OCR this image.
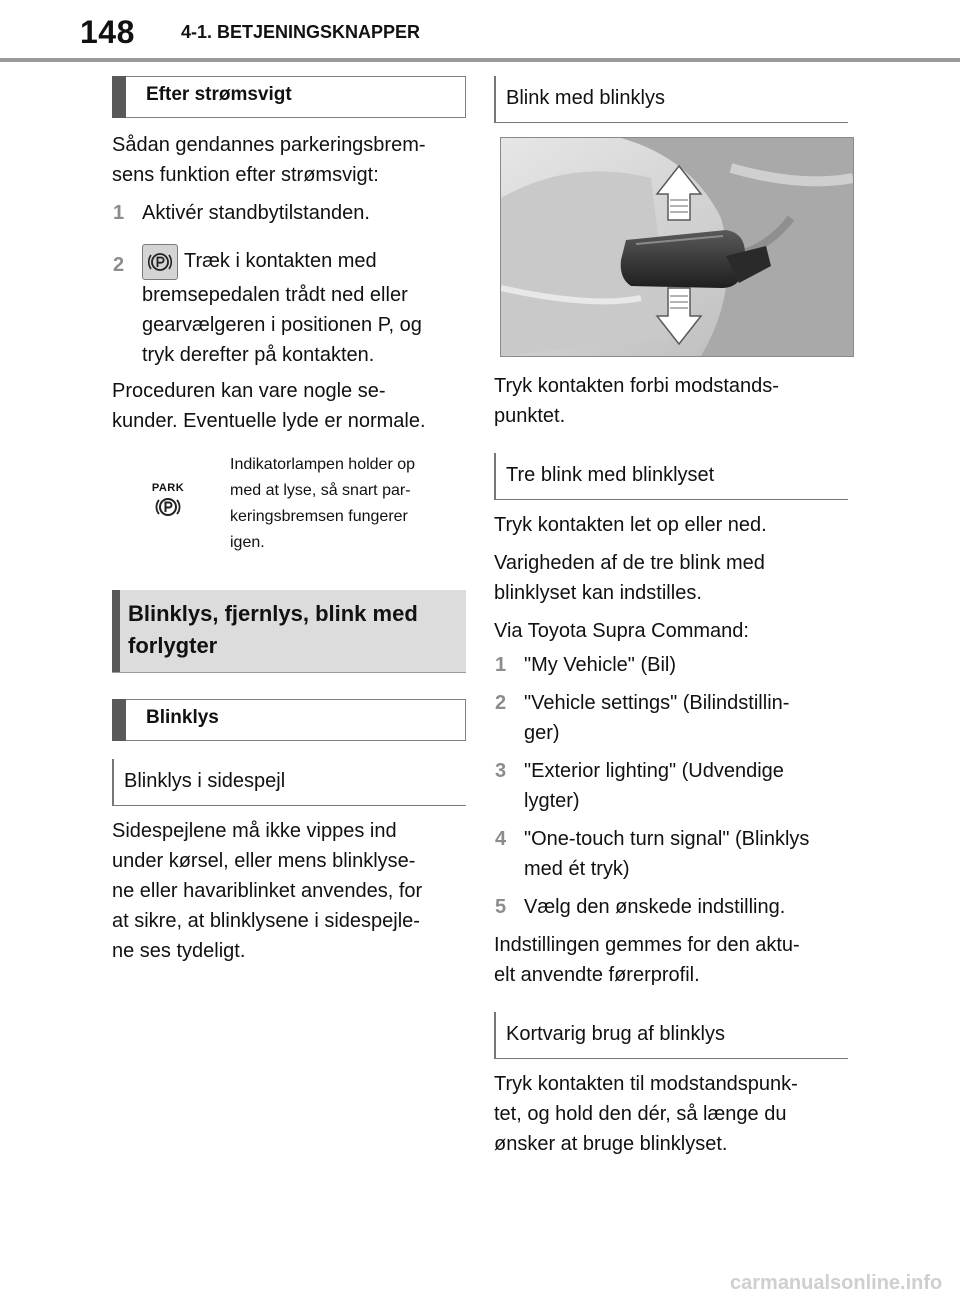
148	4-1. BETJENINGSKNAPPER
Efter strømsvigt
Sådan gendannes parkeringsbrem-
sens funktion efter strømsvigt:
1 Aktivér standbytilstanden.
2	Træk i kontakten med
bremsepedalen trådt ned eller
gearvælgeren i positionen P, og
tryk derefter på kontakten.
Proceduren kan vare nogle se-
kunder. Eventuelle lyde er normale.
PARK
Indikatorlampen holder op
med at lyse, så snart par-
keringsbremsen fungerer
igen.
Blinklys, fjernlys, blink med
forlygter
Blinklys
Blinklys i sidespejl
Sidespejlene må ikke vippes ind
under kørsel, eller mens blinklyse-
ne eller havariblinket anvendes, for
at sikre, at blinklysene i sidespejle-
ne ses tydeligt.
Blink med blinklys
Tryk kontakten forbi modstands-
punktet.
Tre blink med blinklyset
Tryk kontakten let op eller ned.
Varigheden af de tre blink med
blinklyset kan indstilles.
Via Toyota Supra Command:
1 "My Vehicle" (Bil)
2 "Vehicle settings" (Bilindstillin-
ger)
3 "Exterior lighting" (Udvendige
lygter)
4 "One-touch turn signal" (Blinklys
med ét tryk)
5 Vælg den ønskede indstilling.
Indstillingen gemmes for den aktu-
elt anvendte førerprofil.
Kortvarig brug af blinklys
Tryk kontakten til modstandspunk-
tet, og hold den dér, så længe du
ønsker at bruge blinklyset.
carmanualsonline.info
